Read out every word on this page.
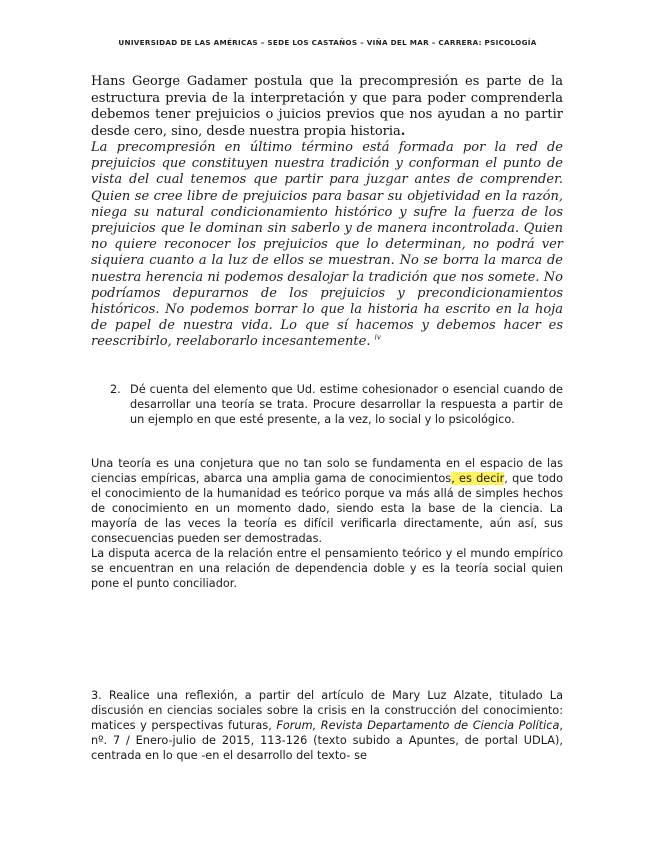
UNIVERSIDAD DE LAS AMÉRICAS – SEDE LOS CASTAÑOS – VIÑA DEL MAR – CARRERA: PSICOLOGÍA
Hans George Gadamer postula que la precompresión es parte de la estructura previa de la interpretación y que para poder comprenderla debemos tener prejuicios o juicios previos que nos ayudan a no partir desde cero, sino, desde nuestra propia historia.
La precompresión en último término está formada por la red de prejuicios que constituyen nuestra tradición y conforman el punto de vista del cual tenemos que partir para juzgar antes de comprender. Quien se cree libre de prejuicios para basar su objetividad en la razón, niega su natural condicionamiento histórico y sufre la fuerza de los prejuicios que le dominan sin saberlo y de manera incontrolada. Quien no quiere reconocer los prejuicios que lo determinan, no podrá ver siquiera cuanto a la luz de ellos se muestran. No se borra la marca de nuestra herencia ni podemos desalojar la tradición que nos somete. No podríamos depurarnos de los prejuicios y precondicionamientos históricos. No podemos borrar lo que la historia ha escrito en la hoja de papel de nuestra vida. Lo que sí hacemos y debemos hacer es reescribirlo, reelaborarlo incesantemente. $^{iv}$
2. Dé cuenta del elemento que Ud. estime cohesionador o esencial cuando de desarrollar una teoría se trata. Procure desarrollar la respuesta a partir de un ejemplo en que esté presente, a la vez, lo social y lo psicológico.

Una teoría es una conjetura que no tan solo se fundamenta en el espacio de las ciencias empíricas, abarca una amplia gama de conocimientos, es decir, que todo el conocimiento de la humanidad es teórico porque va más allá de simples hechos de conocimiento en un momento dado, siendo esta la base de la ciencia. La mayoría de las veces la teoría es difícil verificarla directamente, aún así, sus consecuencias pueden ser demostradas.

La disputa acerca de la relación entre el pensamiento teórico y el mundo empírico se encuentran en una relación de dependencia doble y es la teoría social quien pone el punto conciliador.

3. Realice una reflexión, a partir del artículo de Mary Luz Alzate, titulado La discusión en ciencias sociales sobre la crisis en la construcción del conocimiento: matices y perspectivas futuras, Forum, Revista Departamento de Ciencia Política, nº. 7 / Enero-julio de 2015, 113-126 (texto subido a Apuntes, de portal UDLA), centrada en lo que -en el desarrollo del texto- se
